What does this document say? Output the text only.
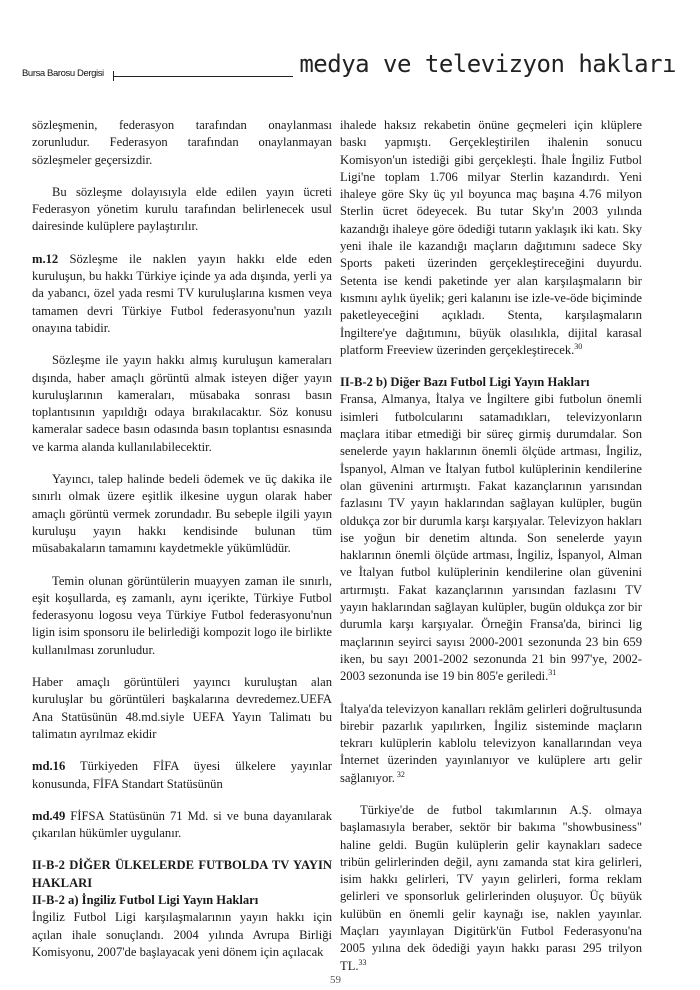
Bursa Barosu Dergisi	medya ve televizyon hakları

sözleşmenin, federasyon tarafından onaylanması zorunludur. Federasyon tarafından onaylanmayan sözleşmeler geçersizdir.

Bu sözleşme dolayısıyla elde edilen yayın ücreti Federasyon yönetim kurulu tarafından belirlenecek usul dairesinde kulüplere paylaştırılır.

m.12 Sözleşme ile naklen yayın hakkı elde eden kuruluşun, bu hakkı Türkiye içinde ya ada dışında, yerli ya da yabancı, özel yada resmi TV kuruluşlarına kısmen veya tamamen devri Türkiye Futbol federasyonu'nun yazılı onayına tabidir.

Sözleşme ile yayın hakkı almış kuruluşun kameraları dışında, haber amaçlı görüntü almak isteyen diğer yayın kuruluşlarının kameraları, müsabaka sonrası basın toplantısının yapıldığı odaya bırakılacaktır. Söz konusu kameralar sadece basın odasında basın toplantısı esnasında ve karma alanda kullanılabilecektir.

Yayıncı, talep halinde bedeli ödemek ve üç dakika ile sınırlı olmak üzere eşitlik ilkesine uygun olarak haber amaçlı görüntü vermek zorundadır. Bu sebeple ilgili yayın kuruluşu yayın hakkı kendisinde bulunan tüm müsabakaların tamamını kaydetmekle yükümlüdür.

Temin olunan görüntülerin muayyen zaman ile sınırlı, eşit koşullarda, eş zamanlı, aynı içerikte, Türkiye Futbol federasyonu logosu veya Türkiye Futbol federasyonu'nun ligin isim sponsoru ile belirlediği kompozit logo ile birlikte kullanılması zorunludur.

Haber amaçlı görüntüleri yayıncı kuruluştan alan kuruluşlar bu görüntüleri başkalarına devredemez.UEFA Ana Statüsünün 48.md.siyle UEFA Yayın Talimatı bu talimatın ayrılmaz ekidir

md.16 Türkiyeden FİFA üyesi ülkelere yayınlar konusunda, FİFA Standart Statüsünün

md.49 FİFSA Statüsünün 71 Md. si ve buna dayanılarak çıkarılan hükümler uygulanır.

II-B-2 DİĞER ÜLKELERDE FUTBOLDA TV YAYIN HAKLARI
II-B-2 a) İngiliz Futbol Ligi Yayın Hakları

İngiliz Futbol Ligi karşılaşmalarının yayın hakkı için açılan ihale sonuçlandı. 2004 yılında Avrupa Birliği Komisyonu, 2007'de başlayacak yeni dönem için açılacak

ihalede haksız rekabetin önüne geçmeleri için klüplere baskı yapmıştı. Gerçekleştirilen ihalenin sonucu Komisyon'un istediği gibi gerçekleşti. İhale İngiliz Futbol Ligi'ne toplam 1.706 milyar Sterlin kazandırdı. Yeni ihaleye göre Sky üç yıl boyunca maç başına 4.76 milyon Sterlin ücret ödeyecek. Bu tutar Sky'ın 2003 yılında kazandığı ihaleye göre ödediği tutarın yaklaşık iki katı. Sky yeni ihale ile kazandığı maçların dağıtımını sadece Sky Sports paketi üzerinden gerçekleştireceğini duyurdu. Setenta ise kendi paketinde yer alan karşılaşmaların bir kısmını aylık üyelik; geri kalanını ise izle-ve-öde biçiminde paketleyeceğini açıkladı. Stenta, karşılaşmaların İngiltere'ye dağıtımını, büyük olasılıkla, dijital karasal platform Freeview üzerinden gerçekleştirecek.$^{30}$

II-B-2 b) Diğer Bazı Futbol Ligi Yayın Hakları

Fransa, Almanya, İtalya ve İngiltere gibi futbolun önemli isimleri futbolcularını satamadıkları, televizyonların maçlara itibar etmediği bir süreç girmiş durumdalar. Son senelerde yayın haklarının önemli ölçüde artması, İngiliz, İspanyol, Alman ve İtalyan futbol kulüplerinin kendilerine olan güvenini artırmıştı. Fakat kazançlarının yarısından fazlasını TV yayın haklarından sağlayan kulüpler, bugün oldukça zor bir durumla karşı karşıyalar. Televizyon hakları ise yoğun bir denetim altında. Son senelerde yayın haklarının önemli ölçüde artması, İngiliz, İspanyol, Alman ve İtalyan futbol kulüplerinin kendilerine olan güvenini artırmıştı. Fakat kazançlarının yarısından fazlasını TV yayın haklarından sağlayan kulüpler, bugün oldukça zor bir durumla karşı karşıyalar. Örneğin Fransa'da, birinci lig maçlarının seyirci sayısı 2000-2001 sezonunda 23 bin 659 iken, bu sayı 2001-2002 sezonunda 21 bin 997'ye, 2002-2003 sezonunda ise 19 bin 805'e geriledi.$^{31}$

İtalya'da televizyon kanalları reklâm gelirleri doğrultusunda birebir pazarlık yapılırken, İngiliz sisteminde maçların tekrarı kulüplerin kablolu televizyon kanallarından veya İnternet üzerinden yayınlanıyor ve kulüplere artı gelir sağlanıyor. $^{32}$

Türkiye'de de futbol takımlarının A.Ş. olmaya başlamasıyla beraber, sektör bir bakıma "showbusiness" haline geldi. Bugün kulüplerin gelir kaynakları sadece tribün gelirlerinden değil, aynı zamanda stat kira gelirleri, isim hakkı gelirleri, TV yayın gelirleri, forma reklam gelirleri ve sponsorluk gelirlerinden oluşuyor. Üç büyük kulübün en önemli gelir kaynağı ise, naklen yayınlar. Maçları yayınlayan Digitürk'ün Futbol Federasyonu'na 2005 yılına dek ödediği yayın hakkı parası 295 trilyon TL.$^{33}$

59
